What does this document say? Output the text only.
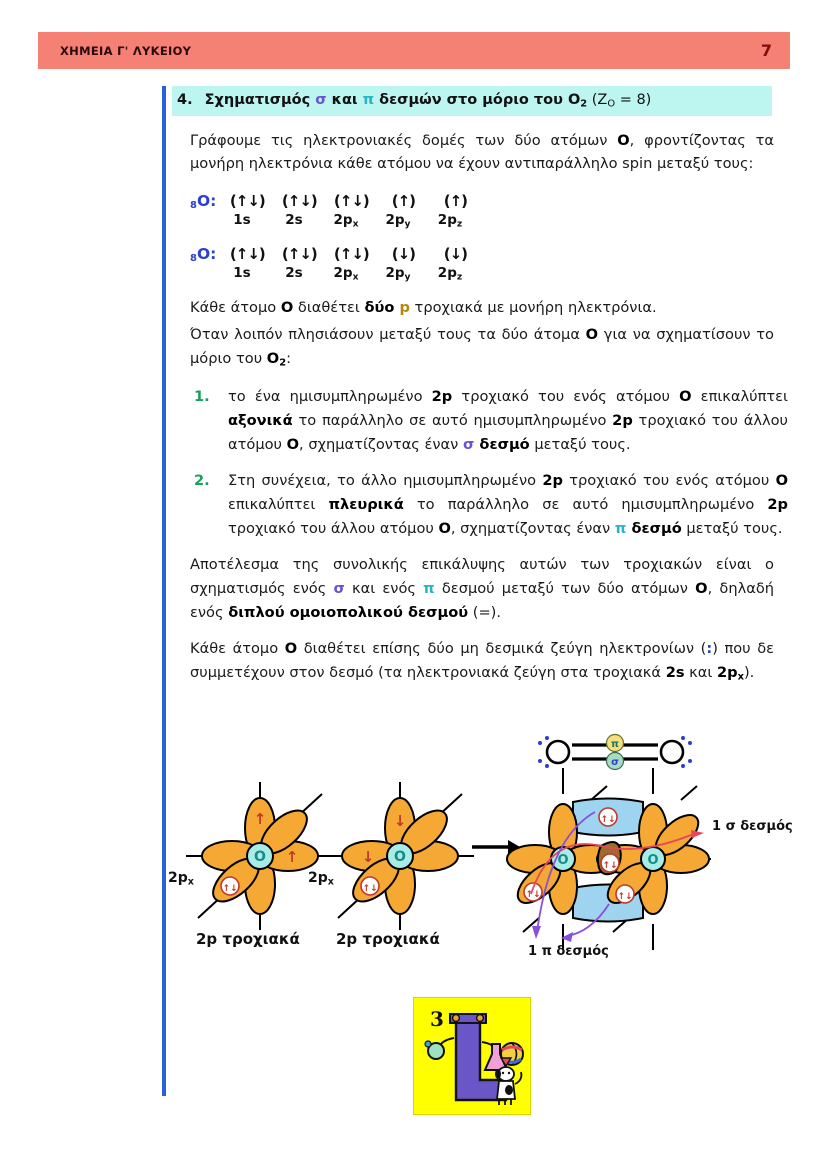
ΧΗΜΕΙΑ Γ' ΛΥΚΕΙΟΥ	7
4. Σχηματισμός σ και π δεσμών στο μόριο του $O_2$ $(Z_O = 8)$

Γράφουμε τις ηλεκτρονιακές δομές των δύο ατόμων O, φροντίζοντας τα μονήρη ηλεκτρόνια κάθε ατόμου να έχουν αντιπαράλληλο spin μεταξύ τους:

8O: (↑↓)	(↑↓)	(↑↓)	(↑)	(↑)
1s	2s	$2p_x$	$2p_y$	$2p_z$
8O: (↑↓)	(↑↓)	(↑↓)	(↓)	(↓)
1s	2s	$2p_x$	$2p_y$	$2p_z$

Κάθε άτομο O διαθέτει δύο p τροχιακά με μονήρη ηλεκτρόνια.

Όταν λοιπόν πλησιάσουν μεταξύ τους τα δύο άτομα O για να σχηματίσουν το μόριο του $O_2$:

1. το ένα ημισυμπληρωμένο 2p τροχιακό του ενός ατόμου O επικαλύπτει αξονικά το παράλληλο σε αυτό ημισυμπληρωμένο 2p τροχιακό του άλλου ατόμου O, σχηματίζοντας έναν σ δεσμό μεταξύ τους.
2. Στη συνέχεια, το άλλο ημισυμπληρωμένο 2p τροχιακό του ενός ατόμου O επικαλύπτει πλευρικά το παράλληλο σε αυτό ημισυμπληρωμένο 2p τροχιακό του άλλου ατόμου O, σχηματίζοντας έναν π δεσμό μεταξύ τους.

Αποτέλεσμα της συνολικής επικάλυψης αυτών των τροχιακών είναι ο σχηματισμός ενός σ και ενός π δεσμού μεταξύ των δύο ατόμων O, δηλαδή ενός διπλού ομοιοπολικού δεσμού (=).

Κάθε άτομο O διαθέτει επίσης δύο μη δεσμικά ζεύγη ηλεκτρονίων (:) που δε συμμετέχουν στον δεσμό (τα ηλεκτρονιακά ζεύγη στα τροχιακά 2s και $2p_x$).

π
σ
O
↑
↑
↑↓
$2p_x$
2p τροχιακά
O
↓
↓
↑↓
$2p_x$
2p τροχιακά
O	O
↑↓
↑↓
↑↓	↑↓
1 σ δεσμός
1 π δεσμός
3
